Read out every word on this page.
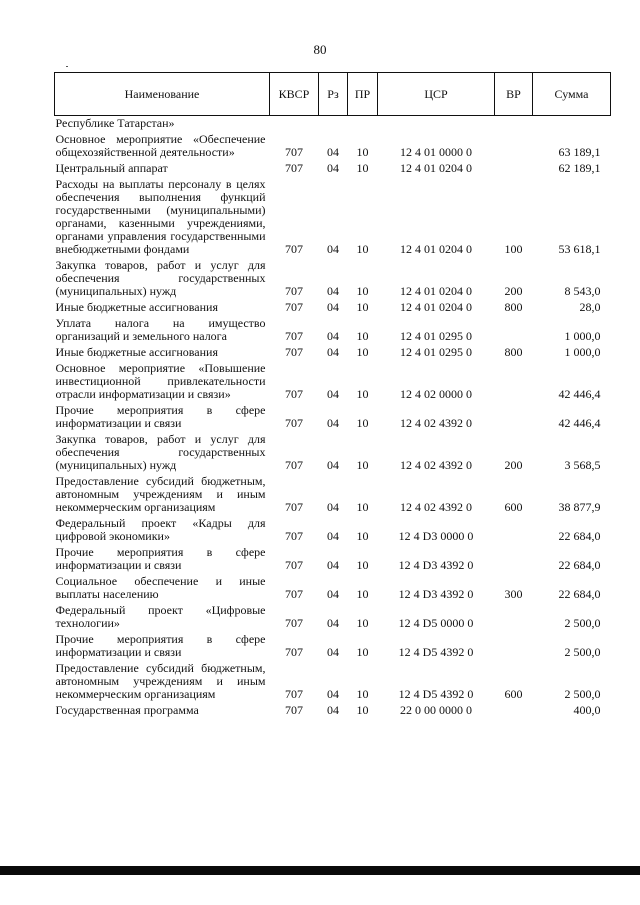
80
Наименование	КВСР	Рз	ПР	ЦСР	ВР	Сумма
Республике Татарстан»						
Основное мероприятие «Обеспечение общехозяйственной деятельности»	707	04	10	12 4 01 0000 0		63 189,1
Центральный аппарат	707	04	10	12 4 01 0204 0		62 189,1
Расходы на выплаты персоналу в целях обеспечения выполнения функций государственными (муниципальными) органами, казенными учреждениями, органами управления государственными внебюджетными фондами	707	04	10	12 4 01 0204 0	100	53 618,1
Закупка товаров, работ и услуг для обеспечения государственных (муниципальных) нужд	707	04	10	12 4 01 0204 0	200	8 543,0
Иные бюджетные ассигнования	707	04	10	12 4 01 0204 0	800	28,0
Уплата налога на имущество организаций и земельного налога	707	04	10	12 4 01 0295 0		1 000,0
Иные бюджетные ассигнования	707	04	10	12 4 01 0295 0	800	1 000,0
Основное мероприятие «Повышение инвестиционной привлекательности отрасли информатизации и связи»	707	04	10	12 4 02 0000 0		42 446,4
Прочие мероприятия в сфере информатизации и связи	707	04	10	12 4 02 4392 0		42 446,4
Закупка товаров, работ и услуг для обеспечения государственных (муниципальных) нужд	707	04	10	12 4 02 4392 0	200	3 568,5
Предоставление субсидий бюджетным, автономным учреждениям и иным некоммерческим организациям	707	04	10	12 4 02 4392 0	600	38 877,9
Федеральный проект «Кадры для цифровой экономики»	707	04	10	12 4 D3 0000 0		22 684,0
Прочие мероприятия в сфере информатизации и связи	707	04	10	12 4 D3 4392 0		22 684,0
Социальное обеспечение и иные выплаты населению	707	04	10	12 4 D3 4392 0	300	22 684,0
Федеральный проект «Цифровые технологии»	707	04	10	12 4 D5 0000 0		2 500,0
Прочие мероприятия в сфере информатизации и связи	707	04	10	12 4 D5 4392 0		2 500,0
Предоставление субсидий бюджетным, автономным учреждениям и иным некоммерческим организациям	707	04	10	12 4 D5 4392 0	600	2 500,0
Государственная программа	707	04	10	22 0 00 0000 0		400,0
